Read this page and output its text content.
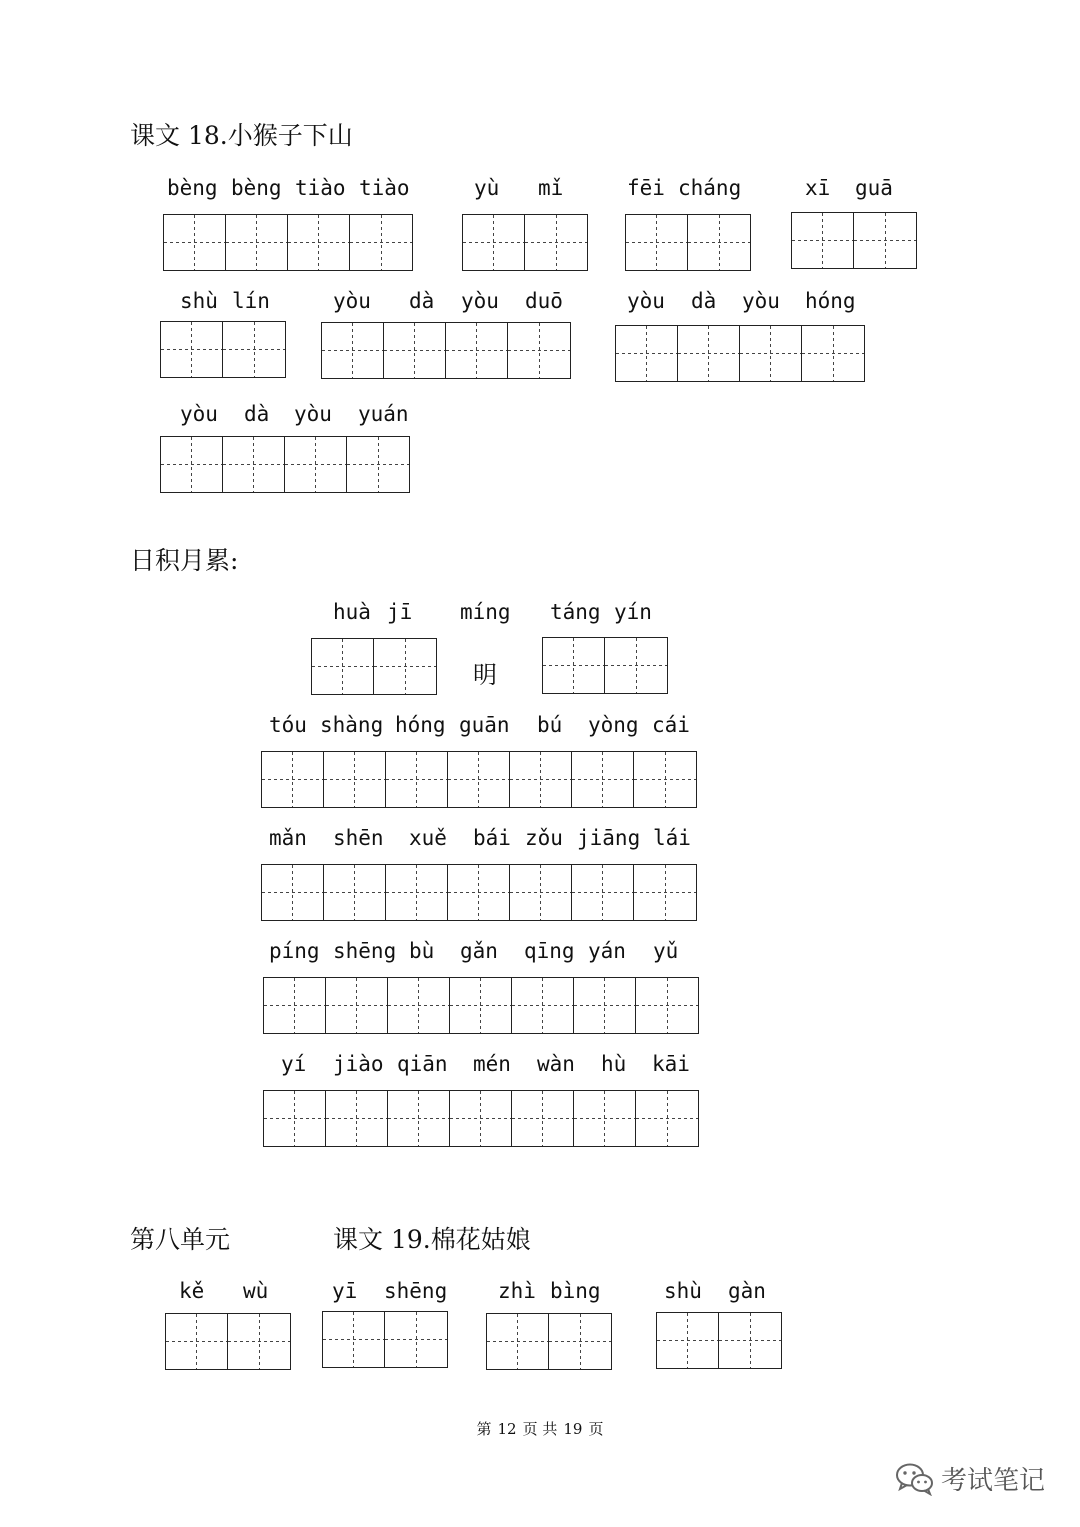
课文 18.小猴子下山
bèng bèng tiào tiào	yù mǐ	fēi cháng	xī guā
shù lín	yòu dà yòu duō	yòu dà yòu hóng
yòu dà yòu yuán
日积月累:
huà jī míng
明
táng yín
tóu shàng hóng guān bú yòng cái
mǎn shēn xuě bái zǒu jiāng lái
píng shēng bù gǎn qīng yán yǔ
yí jiào qiān mén wàn hù kāi
第八单元	课文 19.棉花姑娘
kě wù	yī shēng zhì bìng	shù gàn
第 12 页 共 19 页
考试笔记
